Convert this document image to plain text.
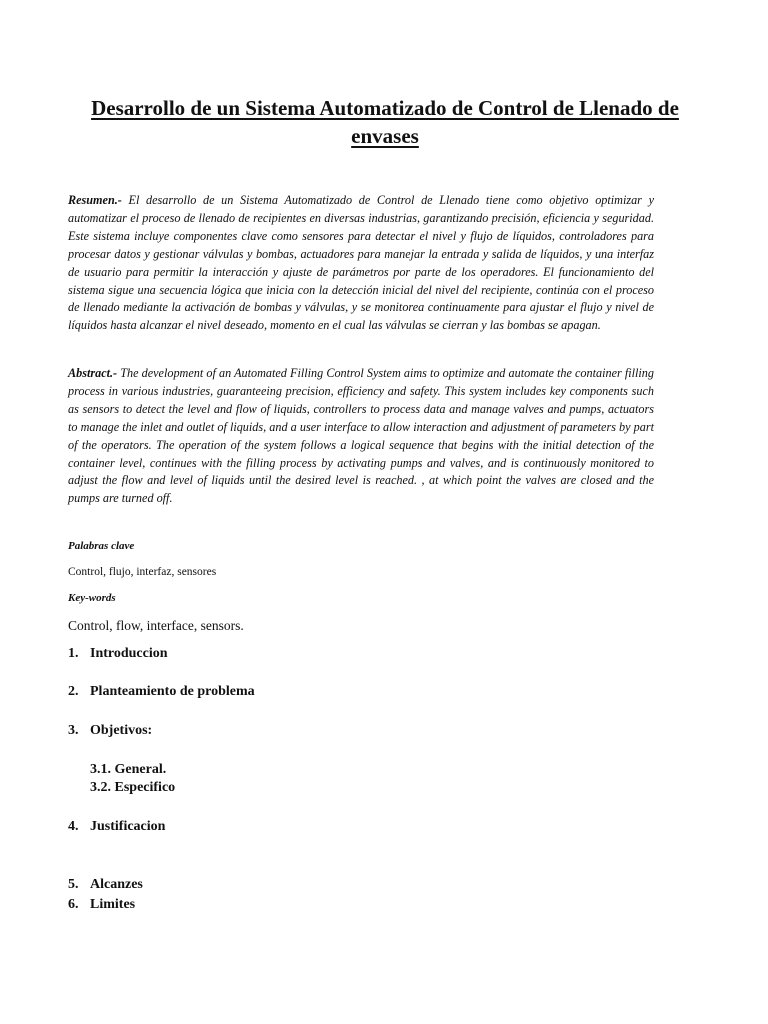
Desarrollo de un Sistema Automatizado de Control de Llenado de envases

Resumen.- El desarrollo de un Sistema Automatizado de Control de Llenado tiene como objetivo optimizar y automatizar el proceso de llenado de recipientes en diversas industrias, garantizando precisión, eficiencia y seguridad. Este sistema incluye componentes clave como sensores para detectar el nivel y flujo de líquidos, controladores para procesar datos y gestionar válvulas y bombas, actuadores para manejar la entrada y salida de líquidos, y una interfaz de usuario para permitir la interacción y ajuste de parámetros por parte de los operadores. El funcionamiento del sistema sigue una secuencia lógica que inicia con la detección inicial del nivel del recipiente, continúa con el proceso de llenado mediante la activación de bombas y válvulas, y se monitorea continuamente para ajustar el flujo y nivel de líquidos hasta alcanzar el nivel deseado, momento en el cual las válvulas se cierran y las bombas se apagan.

Abstract.- The development of an Automated Filling Control System aims to optimize and automate the container filling process in various industries, guaranteeing precision, efficiency and safety. This system includes key components such as sensors to detect the level and flow of liquids, controllers to process data and manage valves and pumps, actuators to manage the inlet and outlet of liquids, and a user interface to allow interaction and adjustment of parameters by part of the operators. The operation of the system follows a logical sequence that begins with the initial detection of the container level, continues with the filling process by activating pumps and valves, and is continuously monitored to adjust the flow and level of liquids until the desired level is reached. , at which point the valves are closed and the pumps are turned off.

Palabras clave

Control, flujo, interfaz, sensores

Key-words

Control, flow, interface, sensors.

1. Introduccion

2. Planteamiento de problema

3. Objetivos:

3.1. General.

3.2. Especifico

4. Justificacion

5. Alcanzes

6. Limites
